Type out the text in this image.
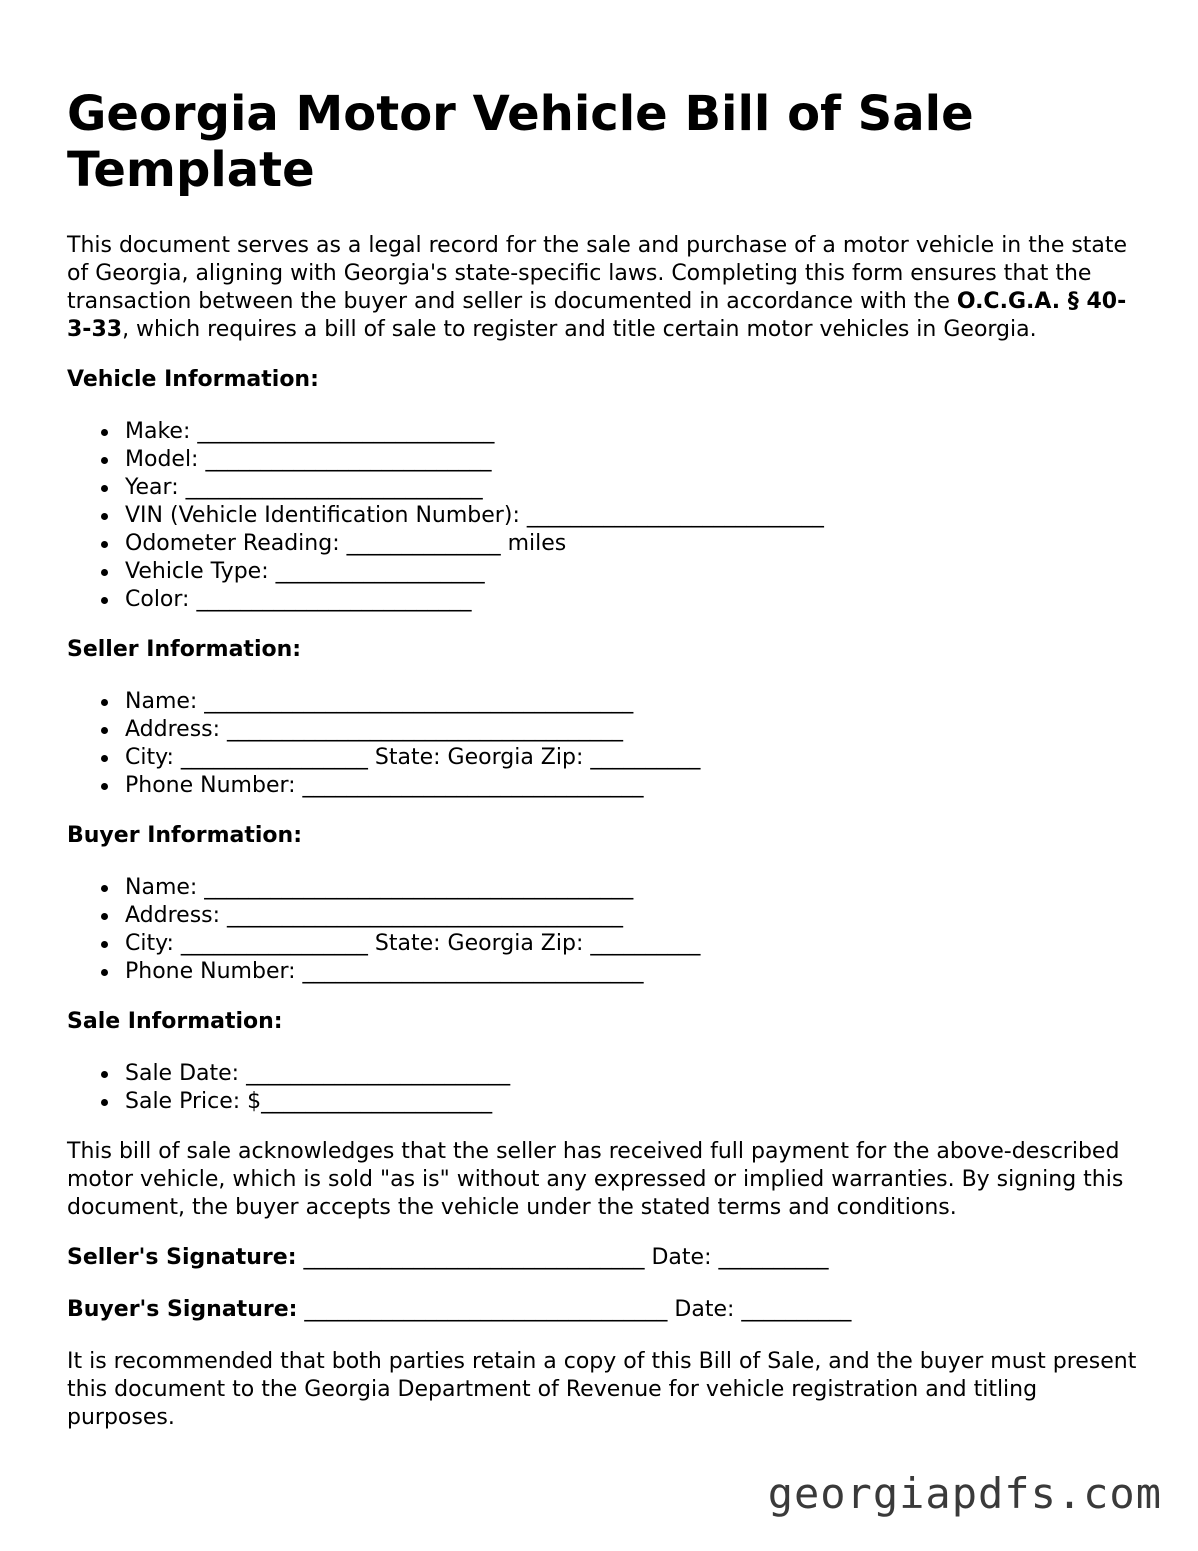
Georgia Motor Vehicle Bill of Sale Template

This document serves as a legal record for the sale and purchase of a motor vehicle in the state of Georgia, aligning with Georgia's state-specific laws. Completing this form ensures that the transaction between the buyer and seller is documented in accordance with the O.C.G.A. § 40-3-33, which requires a bill of sale to register and title certain motor vehicles in Georgia.

Vehicle Information:
Make: ___________________________
Model: __________________________
Year: ___________________________
VIN (Vehicle Identification Number): ___________________________
Odometer Reading: ______________ miles
Vehicle Type: ___________________
Color: _________________________
Seller Information:
Name: _______________________________________
Address: ____________________________________
City: _________________ State: Georgia Zip: __________
Phone Number: _______________________________
Buyer Information:
Name: _______________________________________
Address: ____________________________________
City: _________________ State: Georgia Zip: __________
Phone Number: _______________________________
Sale Information:
Sale Date: ________________________
Sale Price: $_____________________

This bill of sale acknowledges that the seller has received full payment for the above-described motor vehicle, which is sold "as is" without any expressed or implied warranties. By signing this document, the buyer accepts the vehicle under the stated terms and conditions.

Seller's Signature: _______________________________ Date: __________
Buyer's Signature: _________________________________ Date: __________

It is recommended that both parties retain a copy of this Bill of Sale, and the buyer must present this document to the Georgia Department of Revenue for vehicle registration and titling purposes.

georgiapdfs.com
